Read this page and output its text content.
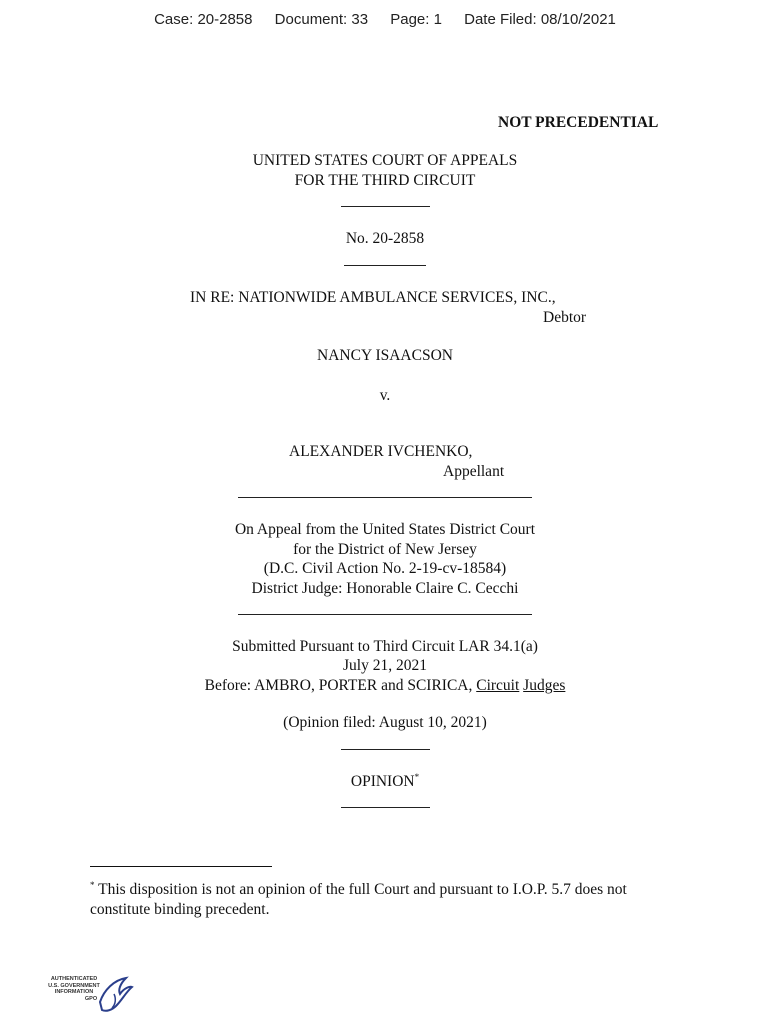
Case: 20-2858 Document: 33 Page: 1 Date Filed: 08/10/2021
NOT PRECEDENTIAL
UNITED STATES COURT OF APPEALS
FOR THE THIRD CIRCUIT
No. 20-2858
IN RE: NATIONWIDE AMBULANCE SERVICES, INC.,
Debtor
NANCY ISAACSON
v.
ALEXANDER IVCHENKO,
Appellant
On Appeal from the United States District Court
for the District of New Jersey
(D.C. Civil Action No. 2-19-cv-18584)
District Judge: Honorable Claire C. Cecchi
Submitted Pursuant to Third Circuit LAR 34.1(a)
July 21, 2021
Before: AMBRO, PORTER and SCIRICA, Circuit Judges
(Opinion filed: August 10, 2021)
OPINION*
* This disposition is not an opinion of the full Court and pursuant to I.O.P. 5.7 does not constitute binding precedent.
AUTHENTICATED
U.S. GOVERNMENT
INFORMATION
GPO
